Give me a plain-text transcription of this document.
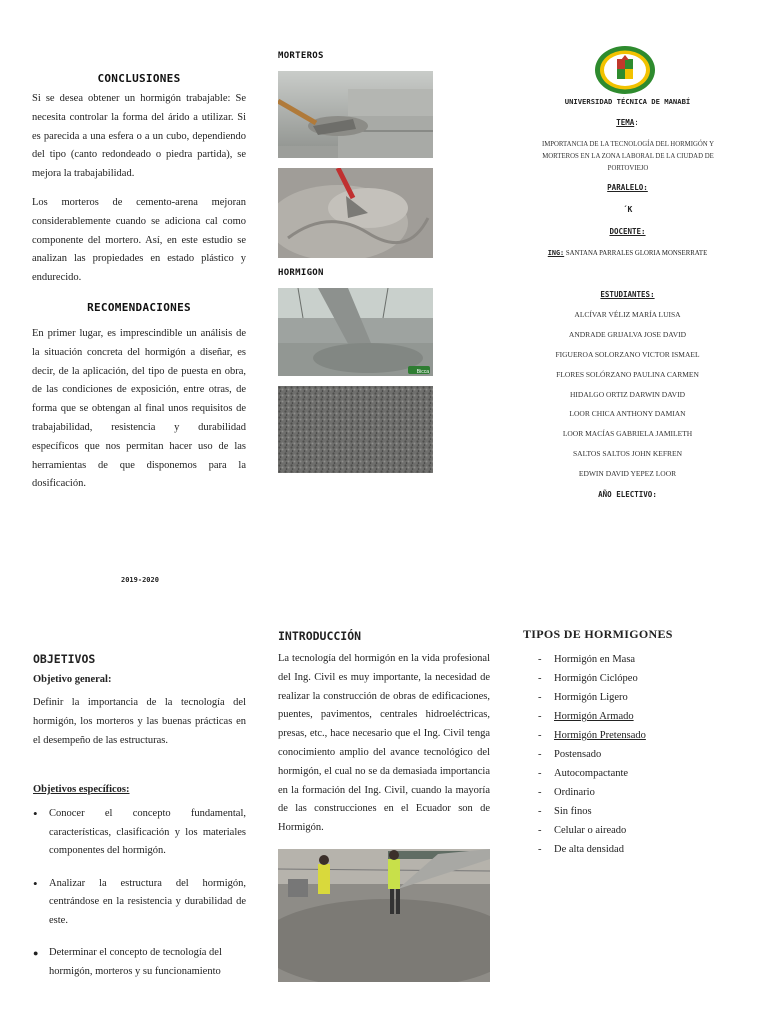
CONCLUSIONES
Si se desea obtener un hormigón trabajable: Se necesita controlar la forma del árido a utilizar. Si es parecida a una esfera o a un cubo, dependiendo del tipo (canto redondeado o piedra partida), se mejora la trabajabilidad.
Los morteros de cemento-arena mejoran considerablemente cuando se adiciona cal como componente del mortero. Así, en este estudio se analizan las propiedades en estado plástico y endurecido.
RECOMENDACIONES
En primer lugar, es imprescindible un análisis de la situación concreta del hormigón a diseñar, es decir, de la aplicación, del tipo de puesta en obra, de las condiciones de exposición, entre otras, de forma que se obtengan al final unos requisitos de trabajabilidad, resistencia y durabilidad específicos que nos permitan hacer uso de las herramientas de que disponemos para la dosificación.
MORTEROS
HORMIGON
Bicca
2019-2020
UNIVERSIDAD TÉCNICA DE MANABÍ
TEMA:
IMPORTANCIA DE LA TECNOLOGÍA DEL HORMIGÓN Y MORTEROS EN LA ZONA LABORAL DE LA CIUDAD DE PORTOVIEJO
PARALELO:
´K
DOCENTE:
ING: SANTANA PARRALES GLORIA MONSERRATE
ESTUDIANTES:
ALCÍVAR VÉLIZ MARÍA LUISA
ANDRADE GRIJALVA JOSE DAVID
FIGUEROA SOLORZANO VICTOR ISMAEL
FLORES SOLÓRZANO PAULINA CARMEN
HIDALGO ORTIZ DARWIN DAVID
LOOR CHICA ANTHONY DAMIAN
LOOR MACÍAS GABRIELA JAMILETH
SALTOS SALTOS JOHN KEFREN
EDWIN DAVID YEPEZ LOOR
AÑO ELECTIVO:
OBJETIVOS
Objetivo general:
Definir la importancia de la tecnología del hormigón, los morteros y las buenas prácticas en el desempeño de las estructuras.
Objetivos específicos:
• Conocer el concepto fundamental, características, clasificación y los materiales componentes del hormigón.
• Analizar la estructura del hormigón, centrándose en la resistencia y durabilidad de este.
● Determinar el concepto de tecnología del hormigón, morteros y su funcionamiento
INTRODUCCIÓN
La tecnología del hormigón en la vida profesional del Ing. Civil es muy importante, la necesidad de realizar la construcción de obras de edificaciones, puentes, pavimentos, centrales hidroeléctricas, presas, etc., hace necesario que el Ing. Civil tenga conocimiento amplio del avance tecnológico del hormigón, el cual no se da demasiada importancia en la formación del Ing. Civil, cuando la mayoría de las construcciones en el Ecuador son de Hormigón.
TIPOS DE HORMIGONES
- Hormigón en Masa
- Hormigón Ciclópeo
- Hormigón Ligero
- Hormigón Armado
- Hormigón Pretensado
- Postensado
- Autocompactante
- Ordinario
- Sin finos
- Celular o aireado
- De alta densidad
